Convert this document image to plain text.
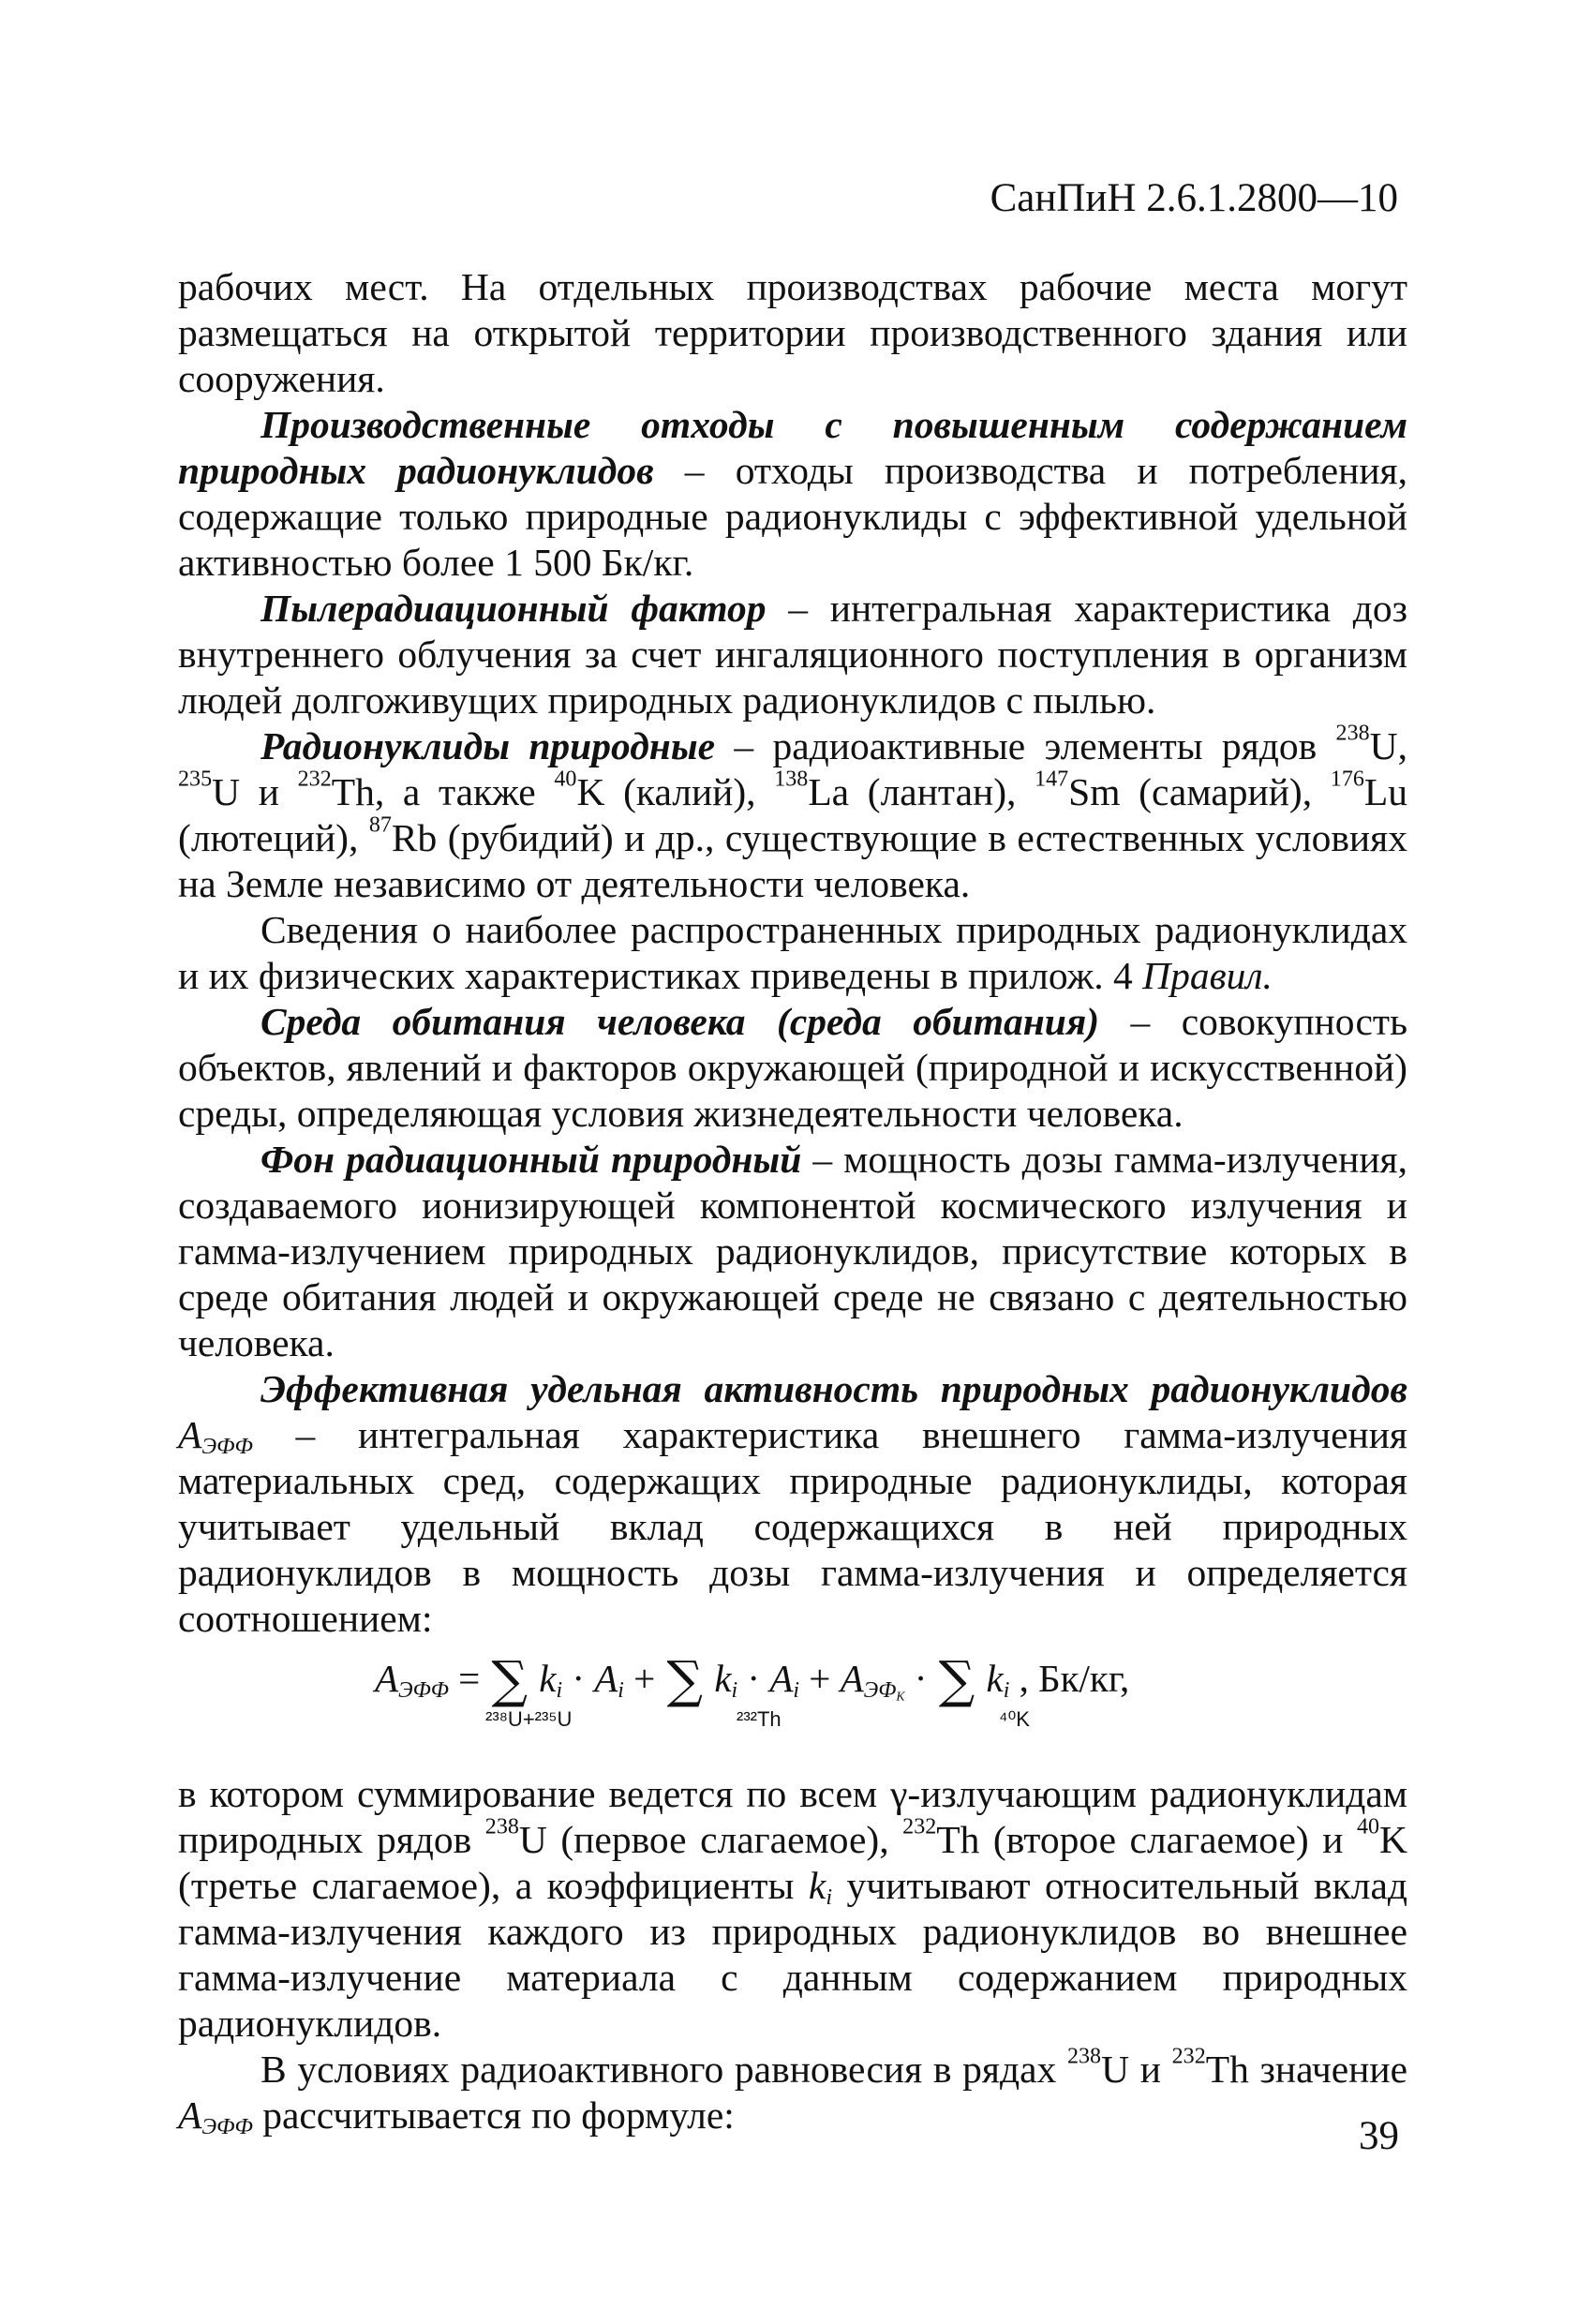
СанПиН 2.6.1.2800—10

рабочих мест. На отдельных производствах рабочие места могут размещаться на открытой территории производственного здания или сооружения.

Производственные отходы с повышенным содержанием природных радионуклидов – отходы производства и потребления, содержащие только природные радионуклиды с эффективной удельной активностью более 1 500 Бк/кг.

Пылерадиационный фактор – интегральная характеристика доз внутреннего облучения за счет ингаляционного поступления в организм людей долгоживущих природных радионуклидов с пылью.

Радионуклиды природные – радиоактивные элементы рядов $^{238}$U, $^{235}$U и $^{232}$Th, а также $^{40}$K (калий), $^{138}$La (лантан), $^{147}$Sm (самарий), $^{176}$Lu (лютеций), $^{87}$Rb (рубидий) и др., существующие в естественных условиях на Земле независимо от деятельности человека.

Сведения о наиболее распространенных природных радионуклидах и их физических характеристиках приведены в прилож. 4 Правил.

Среда обитания человека (среда обитания) – совокупность объектов, явлений и факторов окружающей (природной и искусственной) среды, определяющая условия жизнедеятельности человека.

Фон радиационный природный – мощность дозы гамма-излучения, создаваемого ионизирующей компонентой космического излучения и гамма-излучением природных радионуклидов, присутствие которых в среде обитания людей и окружающей среде не связано с деятельностью человека.

Эффективная удельная активность природных радионуклидов $A_{ЭФФ}$ – интегральная характеристика внешнего гамма-излучения материальных сред, содержащих природные радионуклиды, которая учитывает удельный вклад содержащихся в ней природных радионуклидов в мощность дозы гамма-излучения и определяется соотношением:

$A_{ЭФФ}$ = ∑ $k_i \cdot A_i$ + ∑ $k_i \cdot A_i + A_{ЭФ_K}$ · ∑ $k_i$ , Бк/кг,
²³⁸U+²³⁵U	²³²Th	⁴⁰K

в котором суммирование ведется по всем γ-излучающим радионуклидам природных рядов $^{238}$U (первое слагаемое), $^{232}$Th (второе слагаемое) и $^{40}$K (третье слагаемое), а коэффициенты $k_i$ учитывают относительный вклад гамма-излучения каждого из природных радионуклидов во внешнее гамма-излучение материала с данным содержанием природных радионуклидов.

В условиях радиоактивного равновесия в рядах $^{238}$U и $^{232}$Th значение $A_{ЭФФ}$ рассчитывается по формуле:	39
